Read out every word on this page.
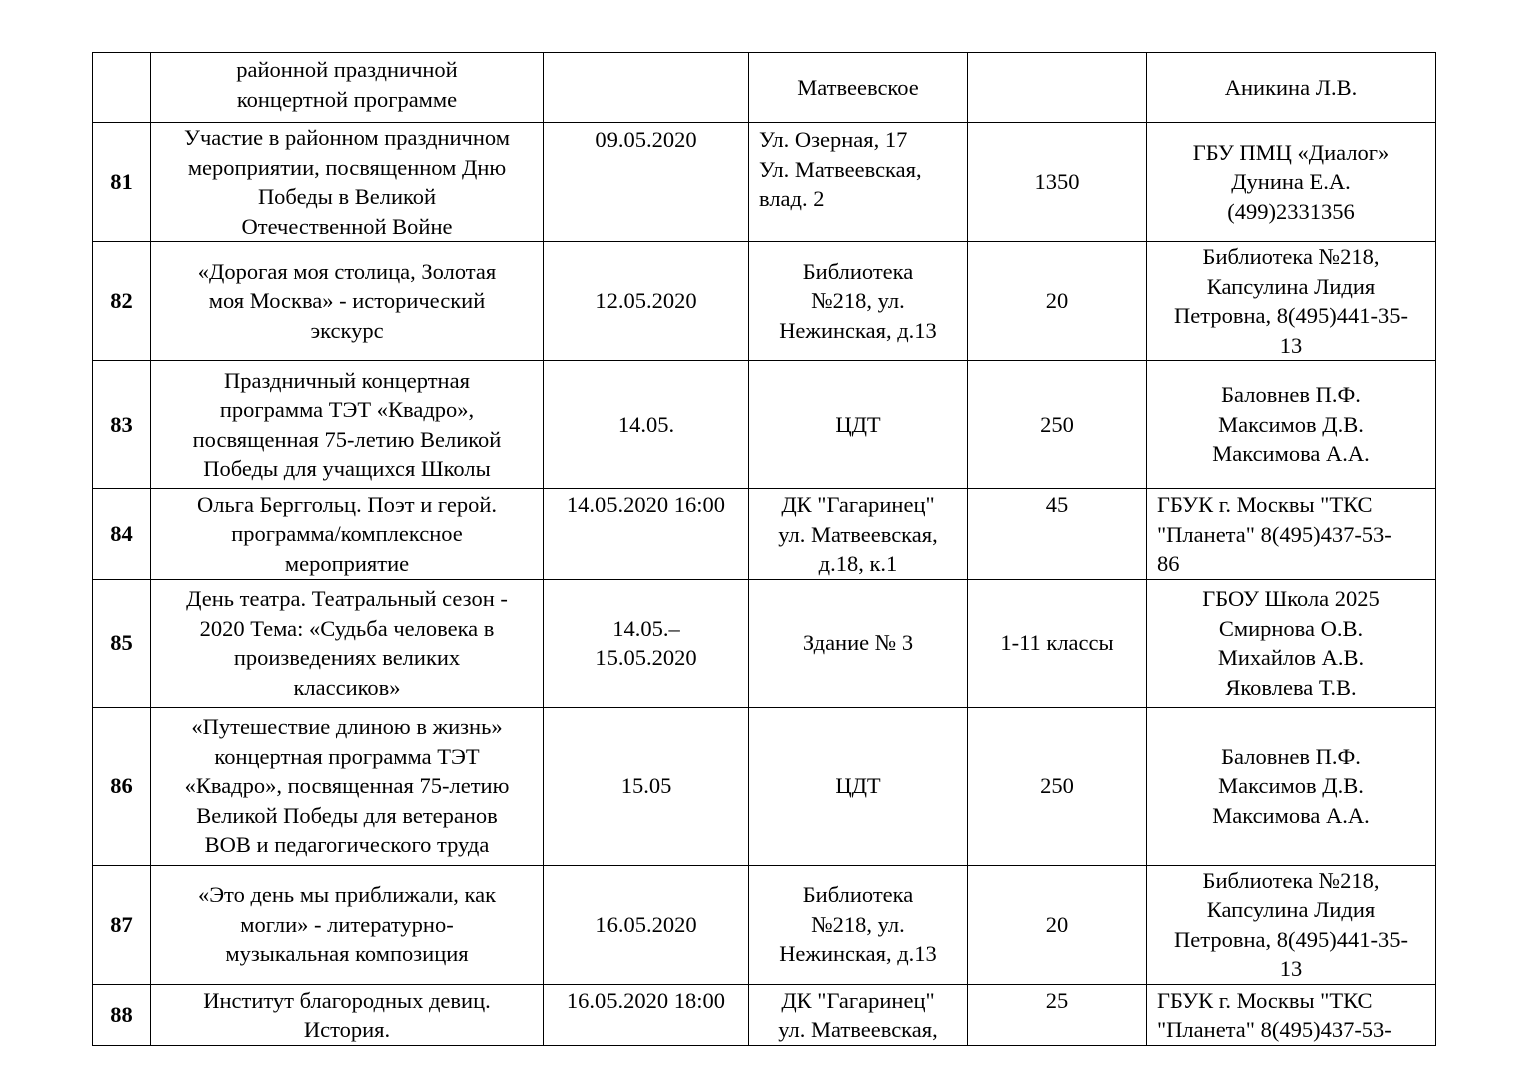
	районной праздничной
концертной программе		Матвеевское		Аникина Л.В.

81	Участие в районном праздничном
мероприятии, посвященном Дню
Победы в Великой
Отечественной Войне	09.05.2020	Ул. Озерная, 17
Ул. Матвеевская,
влад. 2	1350	ГБУ ПМЦ «Диалог»
Дунина Е.А.
(499)2331356

82	«Дорогая моя столица, Золотая
моя Москва» - исторический
экскурс	12.05.2020	Библиотека
№218, ул.
Нежинская, д.13	20	Библиотека №218,
Капсулина Лидия
Петровна, 8(495)441-35-
13

83	Праздничный концертная
программа ТЭТ «Квадро»,
посвященная 75-летию Великой
Победы для учащихся Школы	14.05.	ЦДТ	250	Баловнев П.Ф.
Максимов Д.В.
Максимова А.А.

84	Ольга Берггольц. Поэт и герой.
программа/комплексное
мероприятие	14.05.2020 16:00	ДК "Гагаринец"
ул. Матвеевская,
д.18, к.1	45	ГБУК г. Москвы "ТКС
"Планета" 8(495)437-53-
86

85	День театра. Театральный сезон -
2020 Тема: «Судьба человека в
произведениях великих
классиков»	14.05.–
15.05.2020	Здание № 3	1-11 классы	ГБОУ Школа 2025
Смирнова О.В.
Михайлов А.В.
Яковлева Т.В.

86	«Путешествие длиною в жизнь»
концертная программа ТЭТ
«Квадро», посвященная 75-летию
Великой Победы для ветеранов
ВОВ и педагогического труда	15.05	ЦДТ	250	Баловнев П.Ф.
Максимов Д.В.
Максимова А.А.

87	«Это день мы приближали, как
могли» - литературно-
музыкальная композиция	16.05.2020	Библиотека
№218, ул.
Нежинская, д.13	20	Библиотека №218,
Капсулина Лидия
Петровна, 8(495)441-35-
13

88	Институт благородных девиц.
История.	16.05.2020 18:00	ДК "Гагаринец"
ул. Матвеевская,	25	ГБУК г. Москвы "ТКС
"Планета" 8(495)437-53-
